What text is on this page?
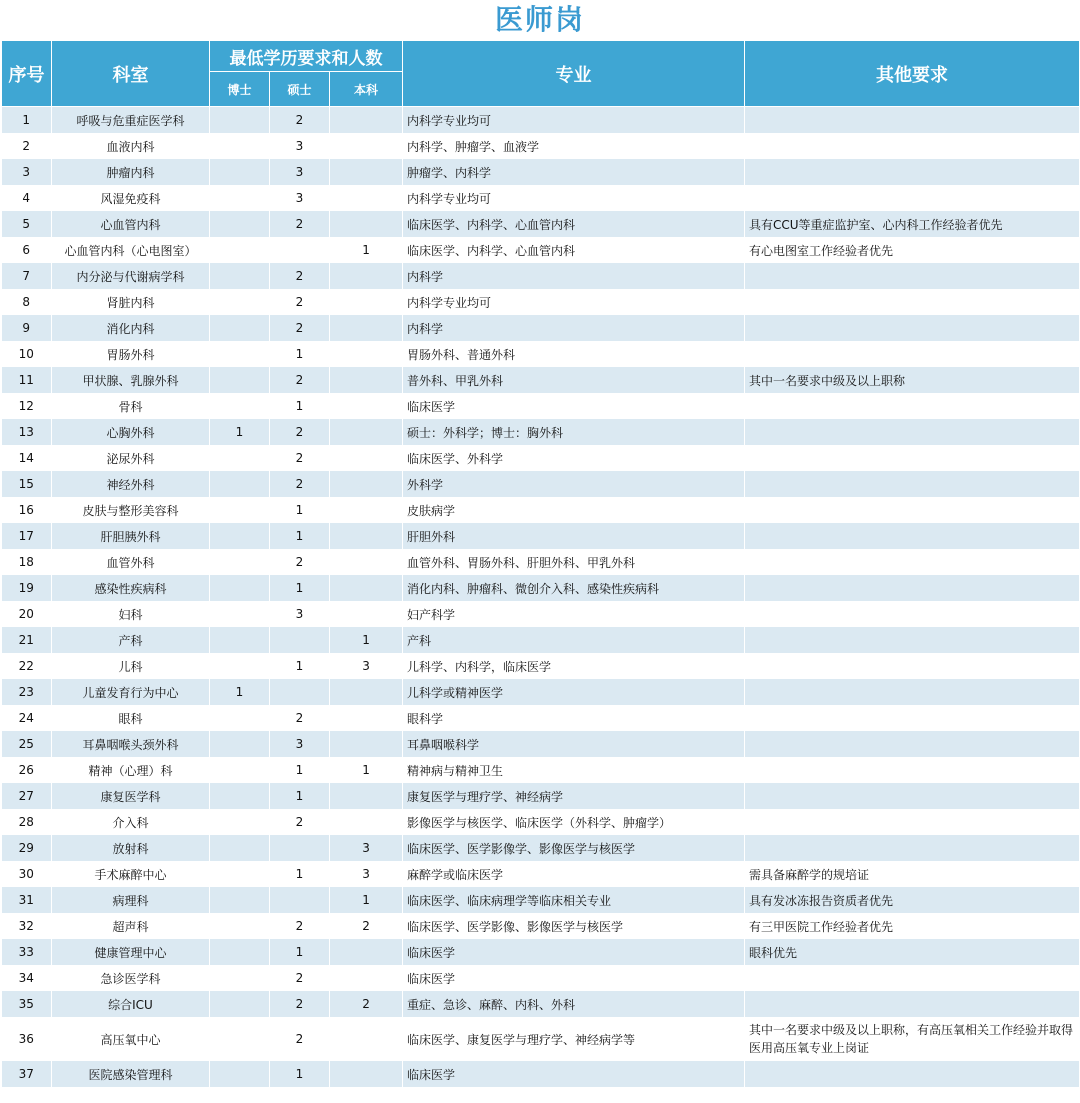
医师岗
序号	科室	最低学历要求和人数			专业	其他要求
		博士	硕士	本科		
1	呼吸与危重症医学科		2		内科学专业均可	
2	血液内科		3		内科学、肿瘤学、血液学	
3	肿瘤内科		3		肿瘤学、内科学	
4	风湿免疫科		3		内科学专业均可	
5	心血管内科		2		临床医学、内科学、心血管内科	具有CCU等重症监护室、心内科工作经验者优先
6	心血管内科（心电图室）			1	临床医学、内科学、心血管内科	有心电图室工作经验者优先
7	内分泌与代谢病学科		2		内科学	
8	肾脏内科		2		内科学专业均可	
9	消化内科		2		内科学	
10	胃肠外科		1		胃肠外科、普通外科	
11	甲状腺、乳腺外科		2		普外科、甲乳外科	其中一名要求中级及以上职称
12	骨科		1		临床医学	
13	心胸外科	1	2		硕士：外科学；博士：胸外科	
14	泌尿外科		2		临床医学、外科学	
15	神经外科		2		外科学	
16	皮肤与整形美容科		1		皮肤病学	
17	肝胆胰外科		1		肝胆外科	
18	血管外科		2		血管外科、胃肠外科、肝胆外科、甲乳外科	
19	感染性疾病科		1		消化内科、肿瘤科、微创介入科、感染性疾病科	
20	妇科		3		妇产科学	
21	产科			1	产科	
22	儿科		1	3	儿科学、内科学，临床医学	
23	儿童发育行为中心	1			儿科学或精神医学	
24	眼科		2		眼科学	
25	耳鼻咽喉头颈外科		3		耳鼻咽喉科学	
26	精神（心理）科		1	1	精神病与精神卫生	
27	康复医学科		1		康复医学与理疗学、神经病学	
28	介入科		2		影像医学与核医学、临床医学（外科学、肿瘤学）	
29	放射科			3	临床医学、医学影像学、影像医学与核医学	
30	手术麻醉中心		1	3	麻醉学或临床医学	需具备麻醉学的规培证
31	病理科			1	临床医学、临床病理学等临床相关专业	具有发冰冻报告资质者优先
32	超声科		2	2	临床医学、医学影像、影像医学与核医学	有三甲医院工作经验者优先
33	健康管理中心		1		临床医学	眼科优先
34	急诊医学科		2		临床医学	
35	综合ICU		2	2	重症、急诊、麻醉、内科、外科	
36	高压氧中心		2		临床医学、康复医学与理疗学、神经病学等	其中一名要求中级及以上职称，有高压氧相关工作经验并取得医用高压氧专业上岗证
37	医院感染管理科		1		临床医学	
